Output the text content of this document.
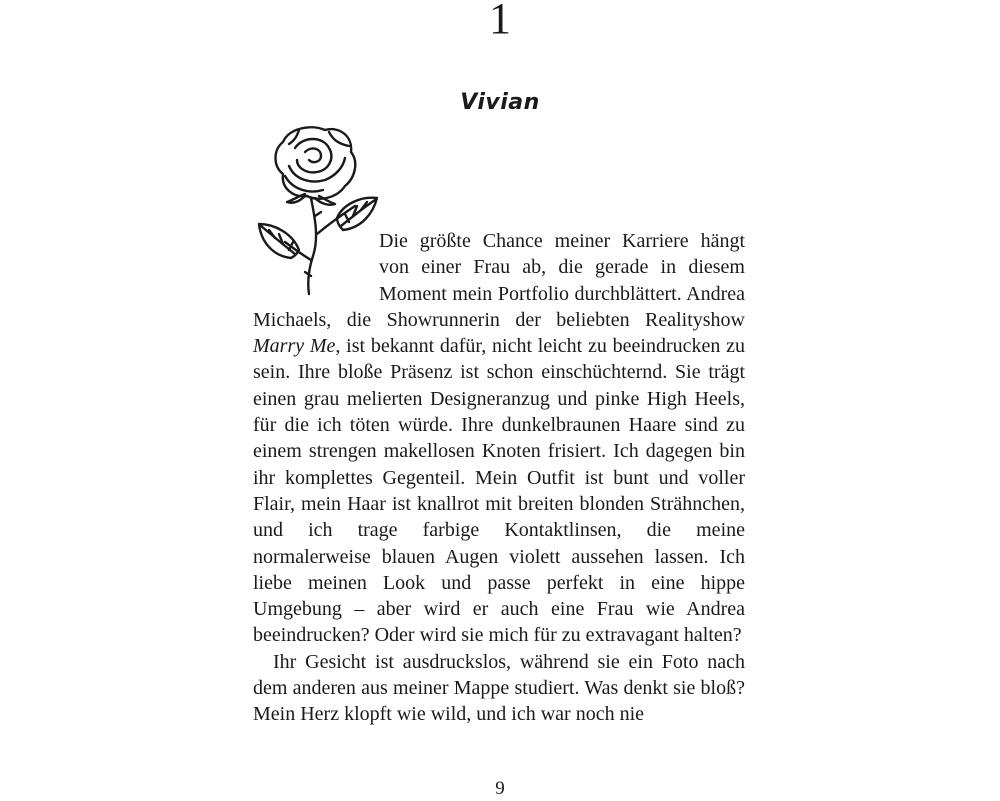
1
Vivian

Die größte Chance meiner Karriere hängt von einer Frau ab, die gerade in diesem Moment mein Portfolio durchblättert. Andrea Michaels, die Showrunnerin der beliebten Realityshow Marry Me, ist bekannt dafür, nicht leicht zu beeindrucken zu sein. Ihre bloße Präsenz ist schon einschüchternd. Sie trägt einen grau melierten Designeranzug und pinke High Heels, für die ich töten würde. Ihre dunkelbraunen Haare sind zu einem strengen makellosen Knoten frisiert. Ich dagegen bin ihr komplettes Gegenteil. Mein Outfit ist bunt und voller Flair, mein Haar ist knallrot mit breiten blonden Strähnchen, und ich trage farbige Kontaktlinsen, die meine normalerweise blauen Augen violett aussehen lassen. Ich liebe meinen Look und passe perfekt in eine hippe Umgebung – aber wird er auch eine Frau wie Andrea beeindrucken? Oder wird sie mich für zu extravagant halten?

Ihr Gesicht ist ausdruckslos, während sie ein Foto nach dem anderen aus meiner Mappe studiert. Was denkt sie bloß? Mein Herz klopft wie wild, und ich war noch nie

9
